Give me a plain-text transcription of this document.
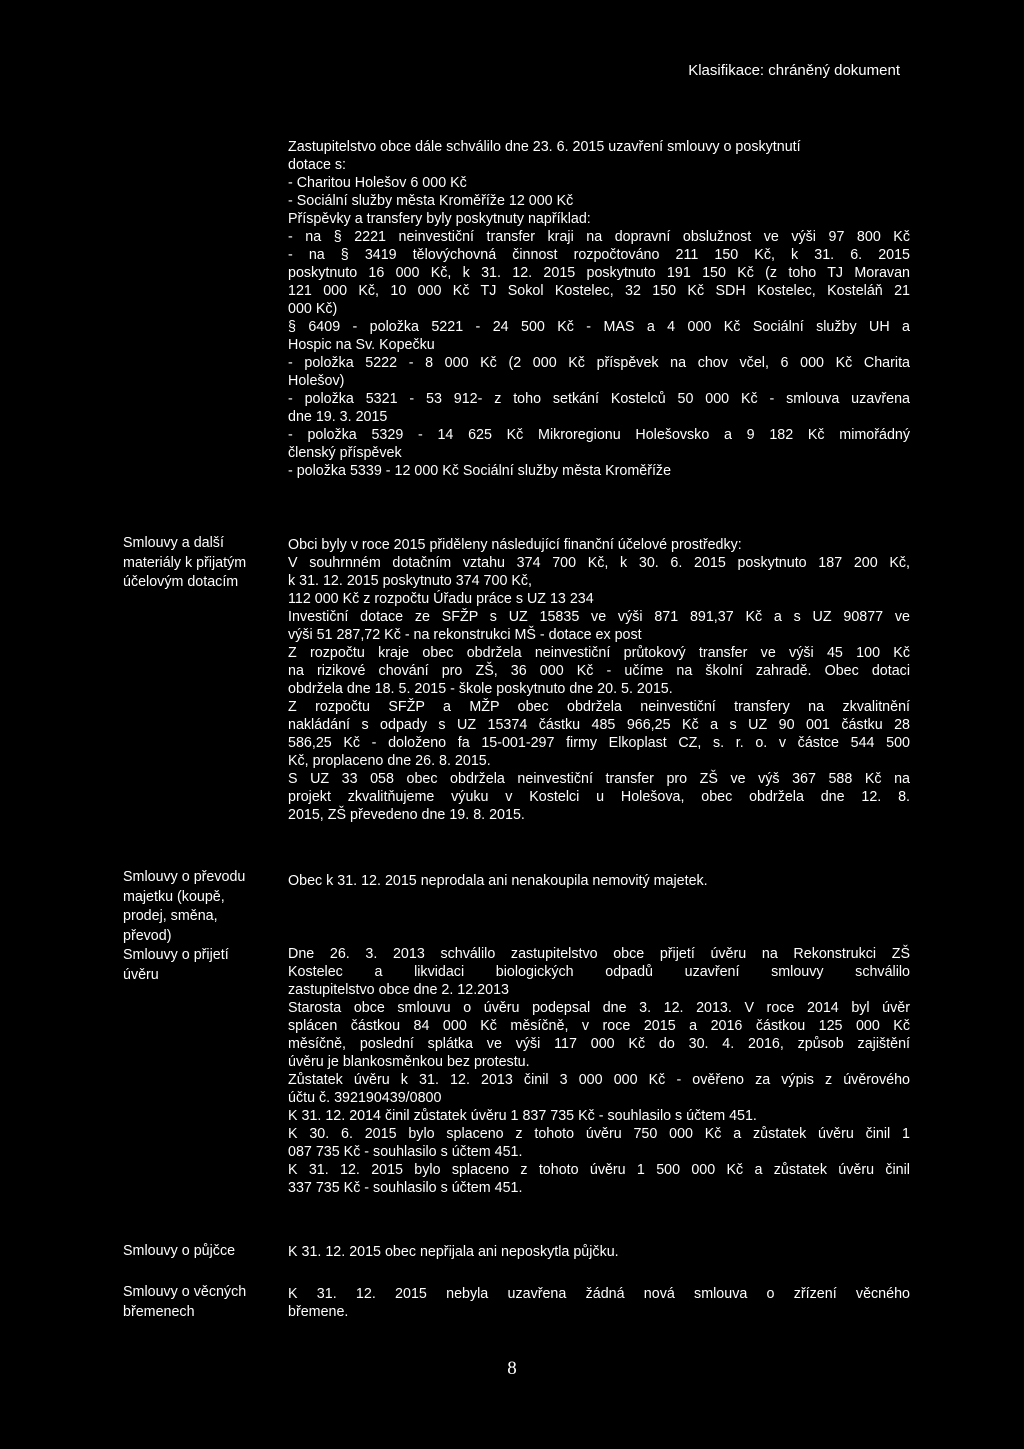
Klasifikace: chráněný dokument

Zastupitelstvo obce dále schválilo dne 23. 6. 2015 uzavření smlouvy o poskytnutí

dotace s:

- Charitou Holešov 6 000 Kč

- Sociální služby města Kroměříže 12 000 Kč

Příspěvky a transfery byly poskytnuty například:

- na § 2221 neinvestiční transfer kraji na dopravní obslužnost ve výši 97 800 Kč

- na § 3419 tělovýchovná činnost rozpočtováno 211 150 Kč, k 31. 6. 2015

poskytnuto 16 000 Kč, k 31. 12. 2015 poskytnuto 191 150 Kč (z toho TJ Moravan

121 000 Kč, 10 000 Kč TJ Sokol Kostelec, 32 150 Kč SDH Kostelec, Kosteláň 21

000 Kč)

§ 6409 - položka 5221 - 24 500 Kč - MAS a 4 000 Kč Sociální služby UH a

Hospic na Sv. Kopečku

- položka 5222 - 8 000 Kč (2 000 Kč příspěvek na chov včel, 6 000 Kč Charita

Holešov)

- položka 5321 - 53 912- z toho setkání Kostelců 50 000 Kč - smlouva uzavřena

dne 19. 3. 2015

- položka 5329 - 14 625 Kč Mikroregionu Holešovsko a 9 182 Kč mimořádný

členský příspěvek

- položka 5339 - 12 000 Kč Sociální služby města Kroměříže

Smlouvy a další
materiály k přijatým
účelovým dotacím

Obci byly v roce 2015 přiděleny následující finanční účelové prostředky:

V souhrnném dotačním vztahu 374 700 Kč, k 30. 6. 2015 poskytnuto 187 200 Kč,

k 31. 12. 2015 poskytnuto 374 700 Kč,

112 000 Kč z rozpočtu Úřadu práce s UZ 13 234

Investiční dotace ze SFŽP s UZ 15835 ve výši 871 891,37 Kč a s UZ 90877 ve

výši 51 287,72 Kč - na rekonstrukci MŠ - dotace ex post

Z rozpočtu kraje obec obdržela neinvestiční průtokový transfer ve výši 45 100 Kč

na rizikové chování pro ZŠ, 36 000 Kč - učíme na školní zahradě. Obec dotaci

obdržela dne 18. 5. 2015 - škole poskytnuto dne 20. 5. 2015.

Z rozpočtu SFŽP a MŽP obec obdržela neinvestiční transfery na zkvalitnění

nakládání s odpady s UZ 15374 částku 485 966,25 Kč a s UZ 90 001 částku 28

586,25 Kč - doloženo fa 15-001-297 firmy Elkoplast CZ, s. r. o. v částce 544 500

Kč, proplaceno dne 26. 8. 2015.

S UZ 33 058 obec obdržela neinvestiční transfer pro ZŠ ve výš 367 588 Kč na

projekt zkvalitňujeme výuku v Kostelci u Holešova, obec obdržela dne 12. 8.

2015, ZŠ převedeno dne 19. 8. 2015.

Smlouvy o převodu
majetku (koupě,
prodej, směna,
převod)
Smlouvy o přijetí
úvěru

Obec k 31. 12. 2015 neprodala ani nenakoupila nemovitý majetek.

Dne 26. 3. 2013 schválilo zastupitelstvo obce přijetí úvěru na Rekonstrukci ZŠ

Kostelec a likvidaci biologických odpadů uzavření smlouvy schválilo

zastupitelstvo obce dne 2. 12.2013

Starosta obce smlouvu o úvěru podepsal dne 3. 12. 2013. V roce 2014 byl úvěr

splácen částkou 84 000 Kč měsíčně, v roce 2015 a 2016 částkou 125 000 Kč

měsíčně, poslední splátka ve výši 117 000 Kč do 30. 4. 2016, způsob zajištění

úvěru je blankosměnkou bez protestu.

Zůstatek úvěru k 31. 12. 2013 činil 3 000 000 Kč - ověřeno za výpis z úvěrového

účtu č. 392190439/0800

K 31. 12. 2014 činil zůstatek úvěru 1 837 735 Kč - souhlasilo s účtem 451.

K 30. 6. 2015 bylo splaceno z tohoto úvěru 750 000 Kč a zůstatek úvěru činil 1

087 735 Kč - souhlasilo s účtem 451.

K 31. 12. 2015 bylo splaceno z tohoto úvěru 1 500 000 Kč a zůstatek úvěru činil

337 735 Kč - souhlasilo s účtem 451.

Smlouvy o půjčce	K 31. 12. 2015 obec nepřijala ani neposkytla půjčku.

Smlouvy o věcných
břemenech

K 31. 12. 2015 nebyla uzavřena žádná nová smlouva o zřízení věcného

břemene.

8
